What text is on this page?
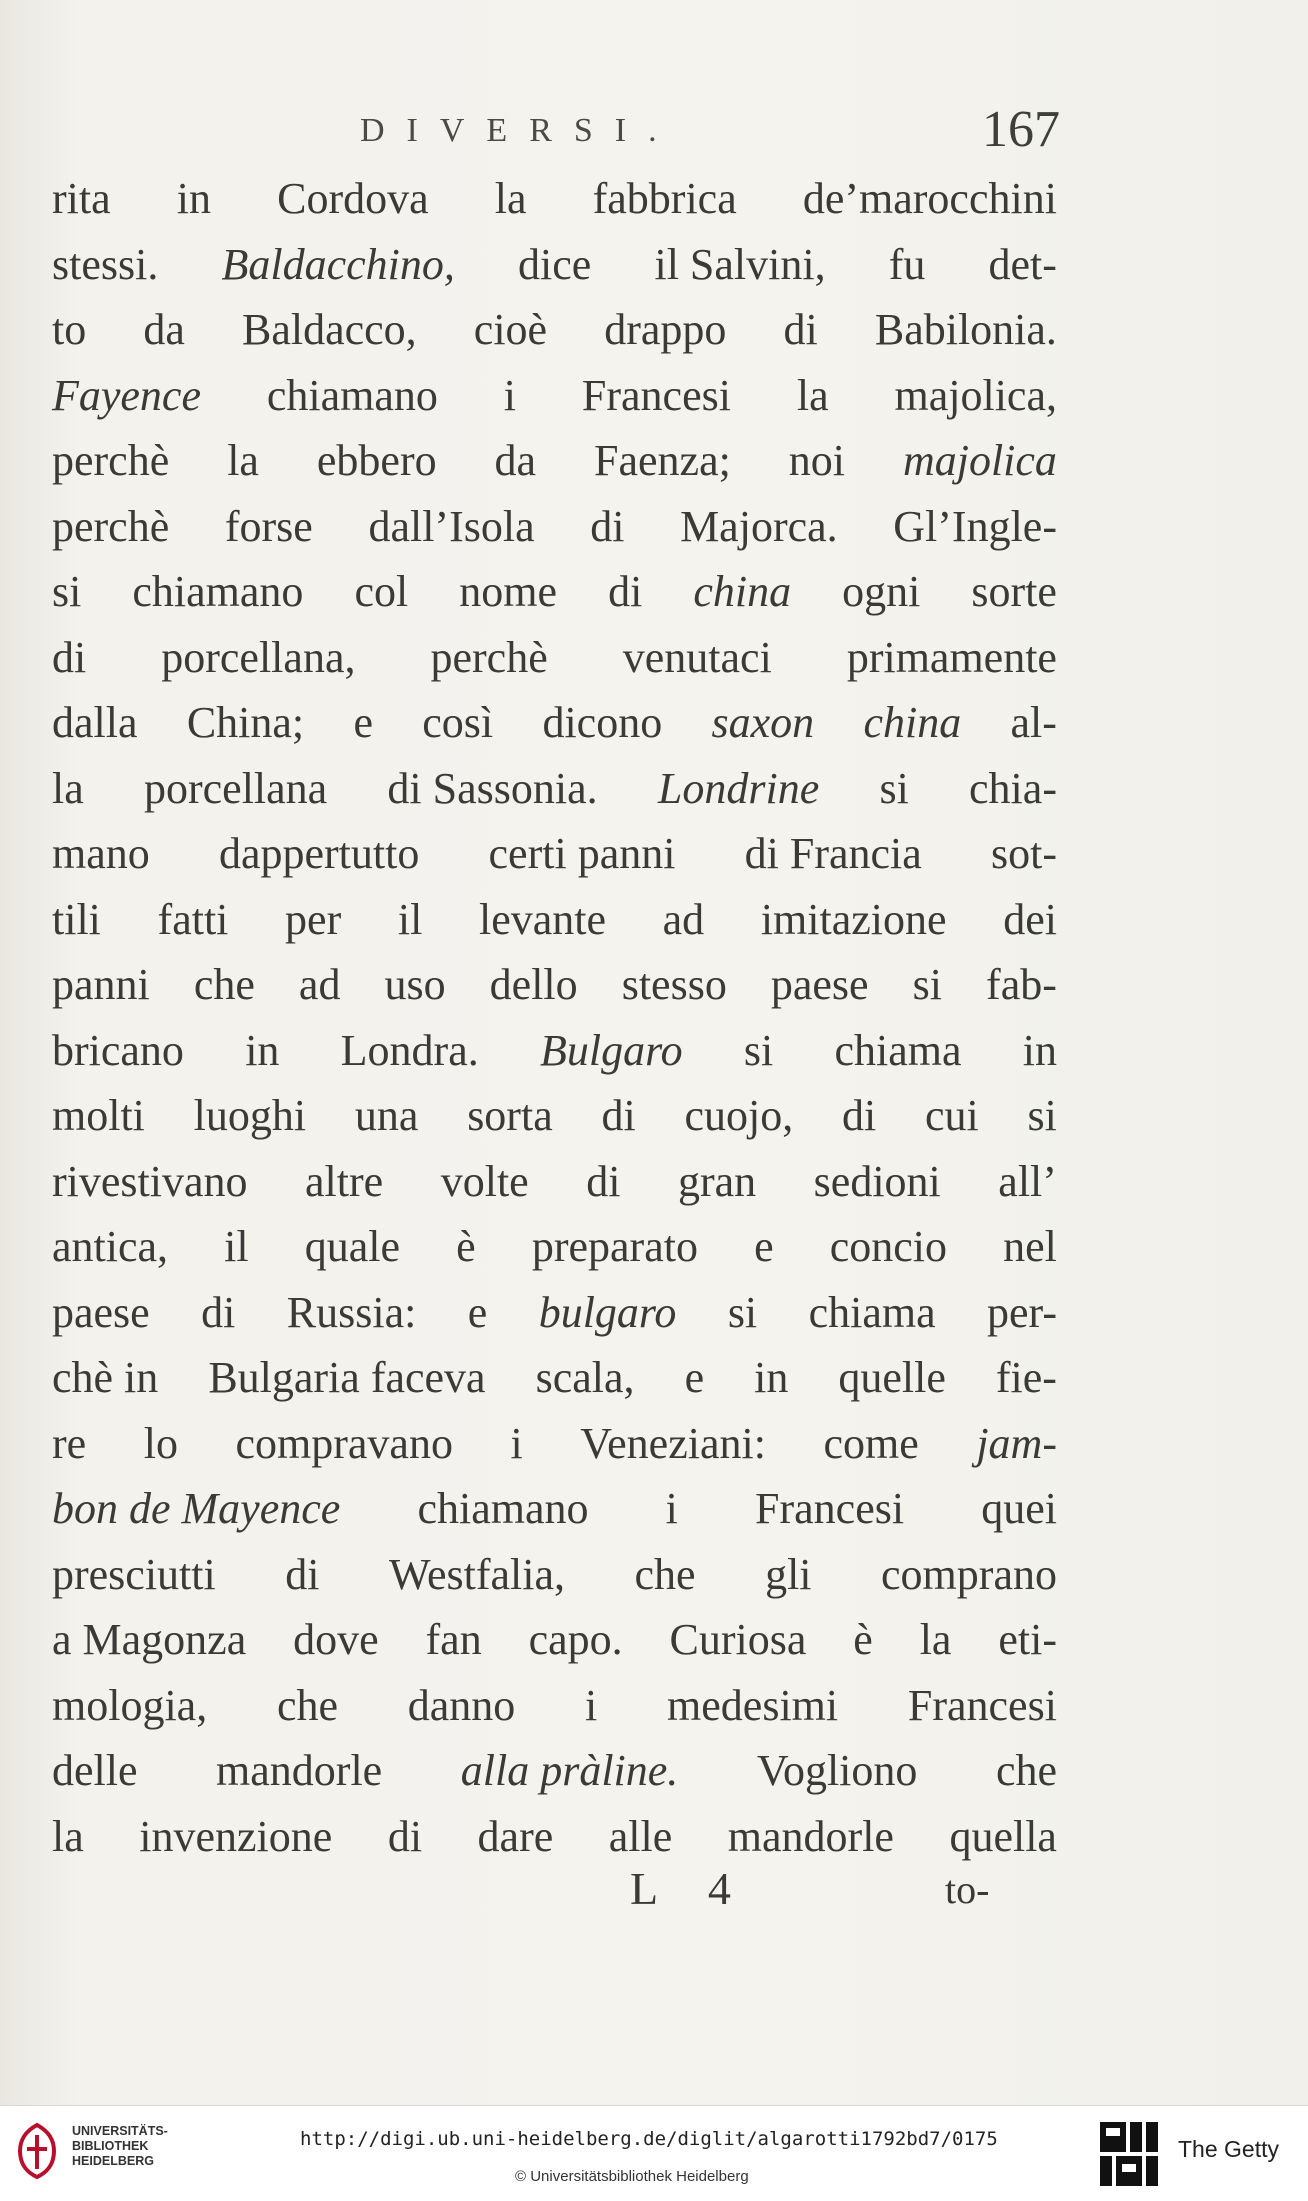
DIVERSI.	167
rita in Cordova la fabbrica de’marocchini
stessi. Baldacchino, dice il Salvini, fu det-
to da Baldacco, cioè drappo di Babilonia.
Fayence chiamano i Francesi la majolica,
perchè la ebbero da Faenza; noi majolica
perchè forse dall’Isola di Majorca. Gl’Ingle-
si chiamano col nome di china ogni sorte
di porcellana, perchè venutaci primamente
dalla China; e così dicono saxon china al-
la porcellana di Sassonia. Londrine si chia-
mano dappertutto certi panni di Francia sot-
tili fatti per il levante ad imitazione dei
panni che ad uso dello stesso paese si fab-
bricano in Londra. Bulgaro si chiama in
molti luoghi una sorta di cuojo, di cui si
rivestivano altre volte di gran sedioni all’
antica, il quale è preparato e concio nel
paese di Russia: e bulgaro si chiama per-
chè in Bulgaria faceva scala, e in quelle fie-
re lo compravano i Veneziani: come jam-
bon de Mayence chiamano i Francesi quei
presciutti di Westfalia, che gli comprano
a Magonza dove fan capo. Curiosa è la eti-
mologia, che danno i medesimi Francesi
delle mandorle alla pràline. Vogliono che
la invenzione di dare alle mandorle quella
L 4	to-
UNIVERSITÄTS-
BIBLIOTHEK
HEIDELBERG
http://digi.ub.uni-heidelberg.de/diglit/algarotti1792bd7/0175
© Universitätsbibliothek Heidelberg
The Getty
